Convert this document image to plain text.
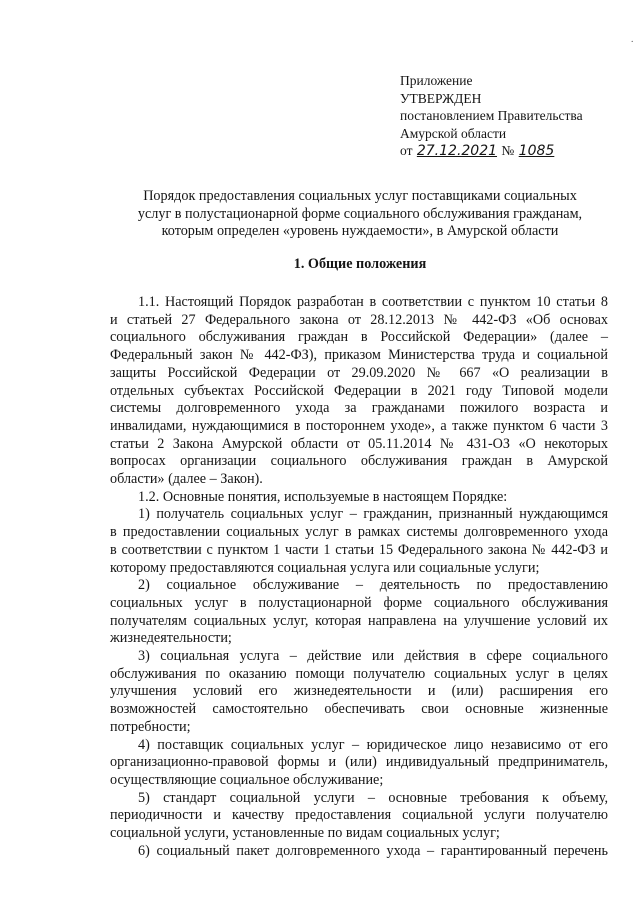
·
Приложение
УТВЕРЖДЕН
постановлением Правительства
Амурской области
от 27.12.2021 № 1085
Порядок предоставления социальных услуг поставщиками социальных
услуг в полустационарной форме социального обслуживания гражданам,
которым определен «уровень нуждаемости», в Амурской области
1. Общие положения
1.1. Настоящий Порядок разработан в соответствии с пунктом 10 статьи 8
и статьей 27 Федерального закона от 28.12.2013 № 442-ФЗ «Об основах
социального обслуживания граждан в Российской Федерации» (далее –
Федеральный закон № 442-ФЗ), приказом Министерства труда и социальной
защиты Российской Федерации от 29.09.2020 № 667 «О реализации в
отдельных субъектах Российской Федерации в 2021 году Типовой модели
системы долговременного ухода за гражданами пожилого возраста и
инвалидами, нуждающимися в постороннем уходе», а также пунктом 6 части 3
статьи 2 Закона Амурской области от 05.11.2014 № 431-ОЗ «О некоторых
вопросах организации социального обслуживания граждан в Амурской
области» (далее – Закон).
1.2. Основные понятия, используемые в настоящем Порядке:
1) получатель социальных услуг – гражданин, признанный нуждающимся
в предоставлении социальных услуг в рамках системы долговременного ухода
в соответствии с пунктом 1 части 1 статьи 15 Федерального закона № 442-ФЗ и
которому предоставляются социальная услуга или социальные услуги;
2) социальное обслуживание – деятельность по предоставлению
социальных услуг в полустационарной форме социального обслуживания
получателям социальных услуг, которая направлена на улучшение условий их
жизнедеятельности;
3) социальная услуга – действие или действия в сфере социального
обслуживания по оказанию помощи получателю социальных услуг в целях
улучшения условий его жизнедеятельности и (или) расширения его
возможностей самостоятельно обеспечивать свои основные жизненные
потребности;
4) поставщик социальных услуг – юридическое лицо независимо от его
организационно-правовой формы и (или) индивидуальный предприниматель,
осуществляющие социальное обслуживание;
5) стандарт социальной услуги – основные требования к объему,
периодичности и качеству предоставления социальной услуги получателю
социальной услуги, установленные по видам социальных услуг;
6) социальный пакет долговременного ухода – гарантированный перечень
